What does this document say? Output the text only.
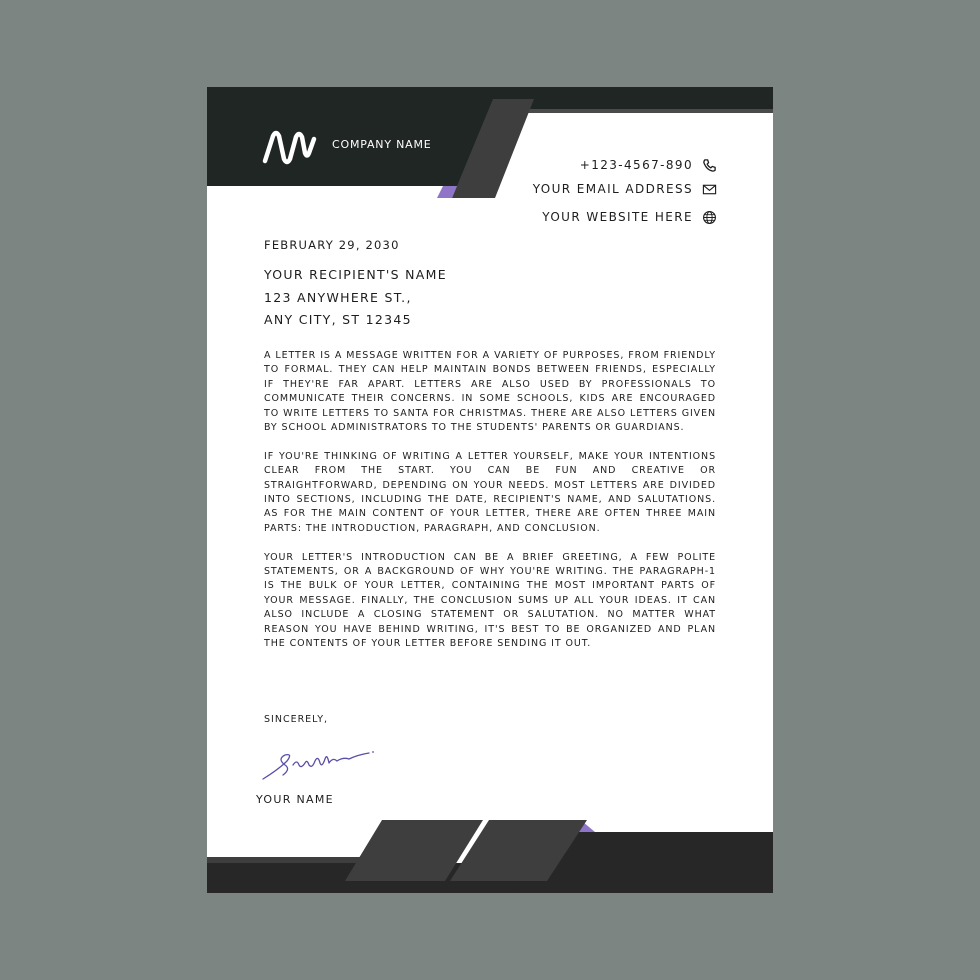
COMPANY NAME
+123-4567-890
YOUR EMAIL ADDRESS
YOUR WEBSITE HERE
FEBRUARY 29, 2030
YOUR RECIPIENT'S NAME
123 ANYWHERE ST.,
ANY CITY, ST 12345

A LETTER IS A MESSAGE WRITTEN FOR A VARIETY OF PURPOSES, FROM FRIENDLY TO FORMAL. THEY CAN HELP MAINTAIN BONDS BETWEEN FRIENDS, ESPECIALLY IF THEY'RE FAR APART. LETTERS ARE ALSO USED BY PROFESSIONALS TO COMMUNICATE THEIR CONCERNS. IN SOME SCHOOLS, KIDS ARE ENCOURAGED TO WRITE LETTERS TO SANTA FOR CHRISTMAS. THERE ARE ALSO LETTERS GIVEN BY SCHOOL ADMINISTRATORS TO THE STUDENTS' PARENTS OR GUARDIANS.

IF YOU'RE THINKING OF WRITING A LETTER YOURSELF, MAKE YOUR INTENTIONS CLEAR FROM THE START. YOU CAN BE FUN AND CREATIVE OR STRAIGHTFORWARD, DEPENDING ON YOUR NEEDS. MOST LETTERS ARE DIVIDED INTO SECTIONS, INCLUDING THE DATE, RECIPIENT'S NAME, AND SALUTATIONS. AS FOR THE MAIN CONTENT OF YOUR LETTER, THERE ARE OFTEN THREE MAIN PARTS: THE INTRODUCTION, PARAGRAPH, AND CONCLUSION.

YOUR LETTER'S INTRODUCTION CAN BE A BRIEF GREETING, A FEW POLITE STATEMENTS, OR A BACKGROUND OF WHY YOU'RE WRITING. THE PARAGRAPH-1 IS THE BULK OF YOUR LETTER, CONTAINING THE MOST IMPORTANT PARTS OF YOUR MESSAGE. FINALLY, THE CONCLUSION SUMS UP ALL YOUR IDEAS. IT CAN ALSO INCLUDE A CLOSING STATEMENT OR SALUTATION. NO MATTER WHAT REASON YOU HAVE BEHIND WRITING, IT'S BEST TO BE ORGANIZED AND PLAN THE CONTENTS OF YOUR LETTER BEFORE SENDING IT OUT.

SINCERELY,
YOUR NAME
